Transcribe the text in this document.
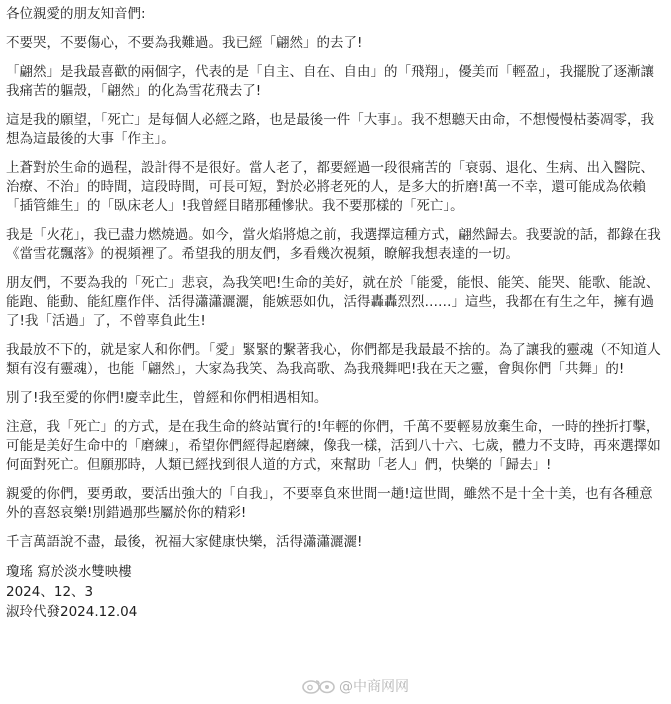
各位親愛的朋友知音們:
不要哭，不要傷心，不要為我難過。我已經「翩然」的去了!
「翩然」是我最喜歡的兩個字，代表的是「自主、自在、自由」的「飛翔」，優美而「輕盈」，我擺脫了逐漸讓我痛苦的軀殼，「翩然」的化為雪花飛去了!
這是我的願望，「死亡」是每個人必經之路，也是最後一件「大事」。我不想聽天由命，不想慢慢枯萎凋零，我想為這最後的大事「作主」。
上蒼對於生命的過程，設計得不是很好。當人老了，都要經過一段很痛苦的「衰弱、退化、生病、出入醫院、治療、不治」的時間，這段時間，可長可短，對於必將老死的人，是多大的折磨!萬一不幸，還可能成為依賴「插管維生」的「臥床老人」!我曾經目睹那種慘狀。我不要那樣的「死亡」。
我是「火花」，我已盡力燃燒過。如今，當火焰將熄之前，我選擇這種方式，翩然歸去。我要說的話，都錄在我《當雪花飄落》的視頻裡了。希望我的朋友們，多看幾次視頻，瞭解我想表達的一切。
朋友們，不要為我的「死亡」悲哀，為我笑吧!生命的美好，就在於「能愛，能恨、能笑、能哭、能歌、能說、能跑、能動、能紅塵作伴、活得瀟瀟灑灑，能嫉惡如仇，活得轟轟烈烈……」這些，我都在有生之年，擁有過了!我「活過」了，不曾辜負此生!
我最放不下的，就是家人和你們。「愛」緊緊的繫著我心，你們都是我最最不捨的。為了讓我的靈魂（不知道人類有沒有靈魂），也能「翩然」，大家為我笑、為我高歌、為我飛舞吧!我在天之靈，會與你們「共舞」的!
別了!我至愛的你們!慶幸此生，曾經和你們相遇相知。
注意，我「死亡」的方式，是在我生命的終站實行的!年輕的你們，千萬不要輕易放棄生命，一時的挫折打擊，可能是美好生命中的「磨練」，希望你們經得起磨練，像我一樣，活到八十六、七歲，體力不支時，再來選擇如何面對死亡。但願那時，人類已經找到很人道的方式，來幫助「老人」們，快樂的「歸去」!
親愛的你們，要勇敢，要活出強大的「自我」，不要辜負來世間一趟!這世間，雖然不是十全十美，也有各種意外的喜怒哀樂!別錯過那些屬於你的精彩!
千言萬語說不盡，最後，祝福大家健康快樂，活得瀟瀟灑灑!
瓊瑤 寫於淡水雙映樓
2024、12、3
淑玲代發2024.12.04
@中商网网
